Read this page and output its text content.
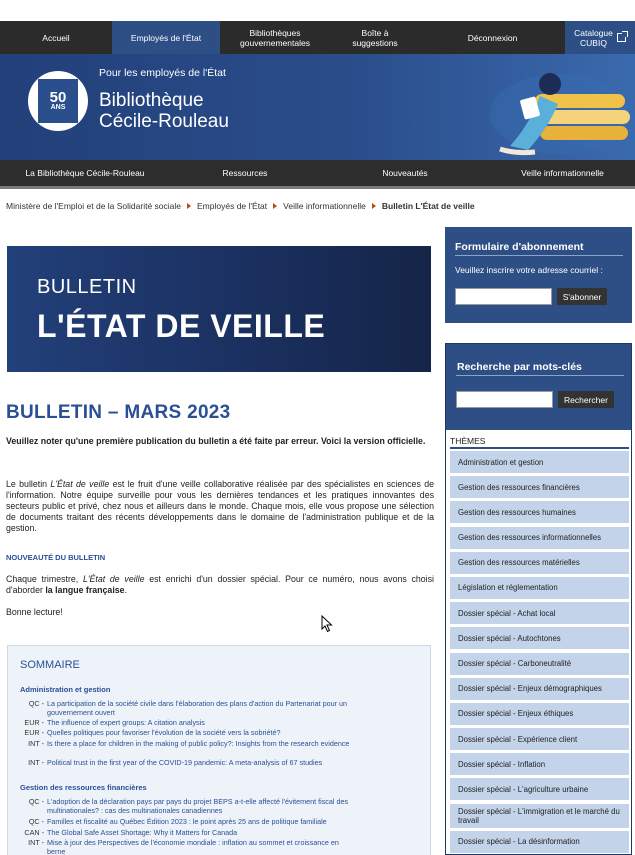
Accueil	Employés de l'État	Bibliothèques
gouvernementales
Boîte à
suggestions	Déconnexion	Catalogue
CUBIQ
50
ANS
Pour les employés de l'État
Bibliothèque
Cécile-Rouleau
La Bibliothèque Cécile-Rouleau	Ressources	Nouveautés	Veille informationnelle
Ministère de l'Emploi et de la Solidarité sociale Employés de l'État Veille informationnelle Bulletin L'État de veille
BULLETIN
L'ÉTAT DE VEILLE
BULLETIN – MARS 2023

Veuillez noter qu'une première publication du bulletin a été faite par erreur. Voici la version officielle.

Le bulletin L'État de veille est le fruit d'une veille collaborative réalisée par des spécialistes en sciences de l'information. Notre équipe surveille pour vous les dernières tendances et les pratiques innovantes des secteurs public et privé, chez nous et ailleurs dans le monde. Chaque mois, elle vous propose une sélection de documents traitant des récents développements dans le domaine de l'administration publique et de la gestion.

NOUVEAUTÉ DU BULLETIN

Chaque trimestre, L'État de veille est enrichi d'un dossier spécial. Pour ce numéro, nous avons choisi d'aborder la langue française.

Bonne lecture!

SOMMAIRE
Administration et gestion
QC - La participation de la société civile dans l'élaboration des plans d'action du Partenariat pour un gouvernement ouvert
EUR - The influence of expert groups: A citation analysis
EUR - Quelles politiques pour favoriser l'évolution de la société vers la sobriété?
INT - Is there a place for children in the making of public policy?: Insights from the research evidence
INT - Political trust in the first year of the COVID-19 pandemic: A meta-analysis of 67 studies
Gestion des ressources financières
QC - L'adoption de la déclaration pays par pays du projet BEPS a-t-elle affecté l'évitement fiscal des multinationales? : cas des multinationales canadiennes
QC - Familles et fiscalité au Québec Édition 2023 : le point après 25 ans de politique familiale
CAN - The Global Safe Asset Shortage: Why it Matters for Canada
INT - Mise à jour des Perspectives de l'économie mondiale : inflation au sommet et croissance en berne
Formulaire d'abonnement
Veuillez inscrire votre adresse courriel :
S'abonner
Recherche par mots-clés
Rechercher
THÈMES
Administration et gestion
Gestion des ressources financières
Gestion des ressources humaines
Gestion des ressources informationnelles
Gestion des ressources matérielles
Législation et réglementation
Dossier spécial - Achat local
Dossier spécial - Autochtones
Dossier spécial - Carboneutralité
Dossier spécial - Enjeux démographiques
Dossier spécial - Enjeux éthiques
Dossier spécial - Expérience client
Dossier spécial - Inflation
Dossier spécial - L'agriculture urbaine
Dossier spécial - L'immigration et le marché du travail
Dossier spécial - La désinformation
